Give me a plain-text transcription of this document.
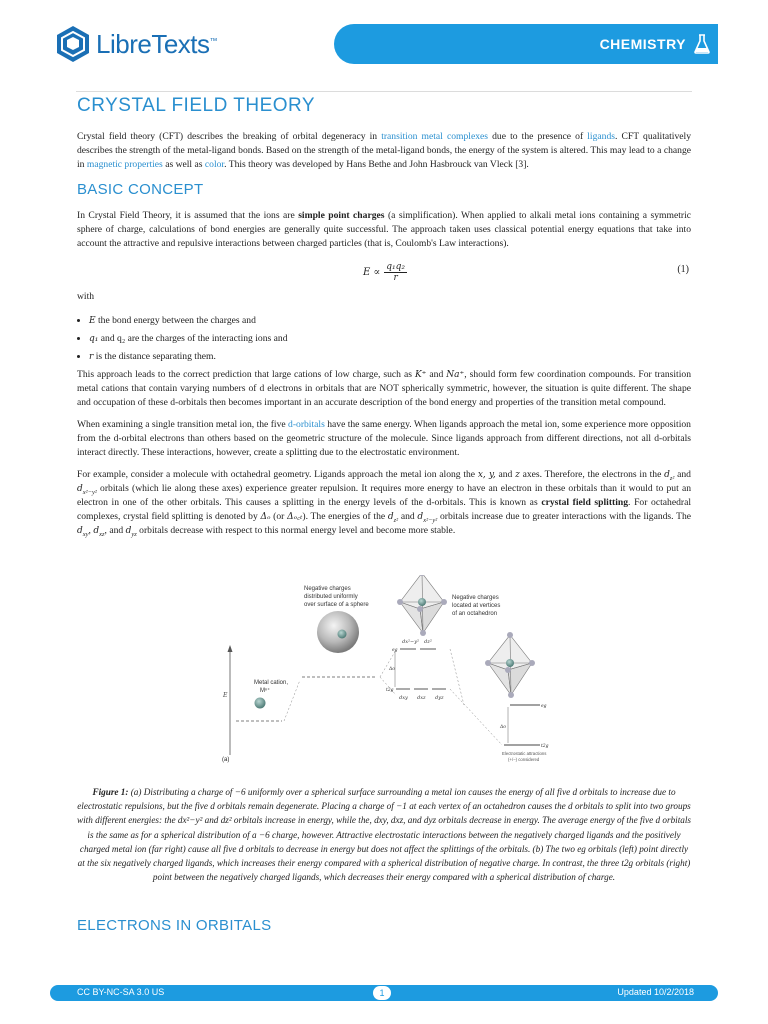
LibreTexts™	CHEMISTRY
CRYSTAL FIELD THEORY

Crystal field theory (CFT) describes the breaking of orbital degeneracy in transition metal complexes due to the presence of ligands. CFT qualitatively describes the strength of the metal-ligand bonds. Based on the strength of the metal-ligand bonds, the energy of the system is altered. This may lead to a change in magnetic properties as well as color. This theory was developed by Hans Bethe and John Hasbrouck van Vleck [3].

BASIC CONCEPT

In Crystal Field Theory, it is assumed that the ions are simple point charges (a simplification). When applied to alkali metal ions containing a symmetric sphere of charge, calculations of bond energies are generally quite successful. The approach taken uses classical potential energy equations that take into account the attractive and repulsive interactions between charged particles (that is, Coulomb's Law interactions).

$E \propto \frac{\text{q₁q₂}}{r}$	(1)

with

• E the bond energy between the charges and
• q₁ and q₂ are the charges of the interacting ions and
• r is the distance separating them.

This approach leads to the correct prediction that large cations of low charge, such as K⁺ and Na⁺, should form few coordination compounds. For transition metal cations that contain varying numbers of d electrons in orbitals that are NOT spherically symmetric, however, the situation is quite different. The shape and occupation of these d-orbitals then becomes important in an accurate description of the bond energy and properties of the transition metal compound.

When examining a single transition metal ion, the five d-orbitals have the same energy. When ligands approach the metal ion, some experience more opposition from the d-orbital electrons than others based on the geometric structure of the molecule. Since ligands approach from different directions, not all d-orbitals interact directly. These interactions, however, create a splitting due to the electrostatic environment.

For example, consider a molecule with octahedral geometry. Ligands approach the metal ion along the x, y, and z axes. Therefore, the electrons in the $d_{z^2}$ and $d_{x^2-y^2}$ orbitals (which lie along these axes) experience greater repulsion. It requires more energy to have an electron in these orbitals than it would to put an electron in one of the other orbitals. This causes a splitting in the energy levels of the d-orbitals. This is known as crystal field splitting. For octahedral complexes, crystal field splitting is denoted by Δₒ (or Δₒ꜀ₜ). The energies of the $d_{z^2}$ and $d_{x^2-y^2}$ orbitals increase due to greater interactions with the ligands. The $d_{xy}$, $d_{xz}$, and $d_{yz}$ orbitals decrease with respect to this normal energy level and become more stable.

E
(a)
Metal cation,
Mⁿ⁺
Negative charges
distributed uniformly
over surface of a sphere
Negative charges
located at vertices
of an octahedron
dx²−y² dz²
eg
dxy dxz dyz
t2g
Δo
eg
Δo
t2g
Electrostatic attractions
(+/−) considered

Figure 1: (a) Distributing a charge of −6 uniformly over a spherical surface surrounding a metal ion causes the energy of all five d orbitals to increase due to electrostatic repulsions, but the five d orbitals remain degenerate. Placing a charge of −1 at each vertex of an octahedron causes the d orbitals to split into two groups with different energies: the dx²−y² and dz² orbitals increase in energy, while the, dxy, dxz, and dyz orbitals decrease in energy. The average energy of the five d orbitals is the same as for a spherical distribution of a −6 charge, however. Attractive electrostatic interactions between the negatively charged ligands and the positively charged metal ion (far right) cause all five d orbitals to decrease in energy but does not affect the splittings of the orbitals. (b) The two eg orbitals (left) point directly at the six negatively charged ligands, which increases their energy compared with a spherical distribution of negative charge. In contrast, the three t2g orbitals (right) point between the negatively charged ligands, which decreases their energy compared with a spherical distribution of charge.

ELECTRONS IN ORBITALS
CC BY-NC-SA 3.0 US	1	Updated 10/2/2018
